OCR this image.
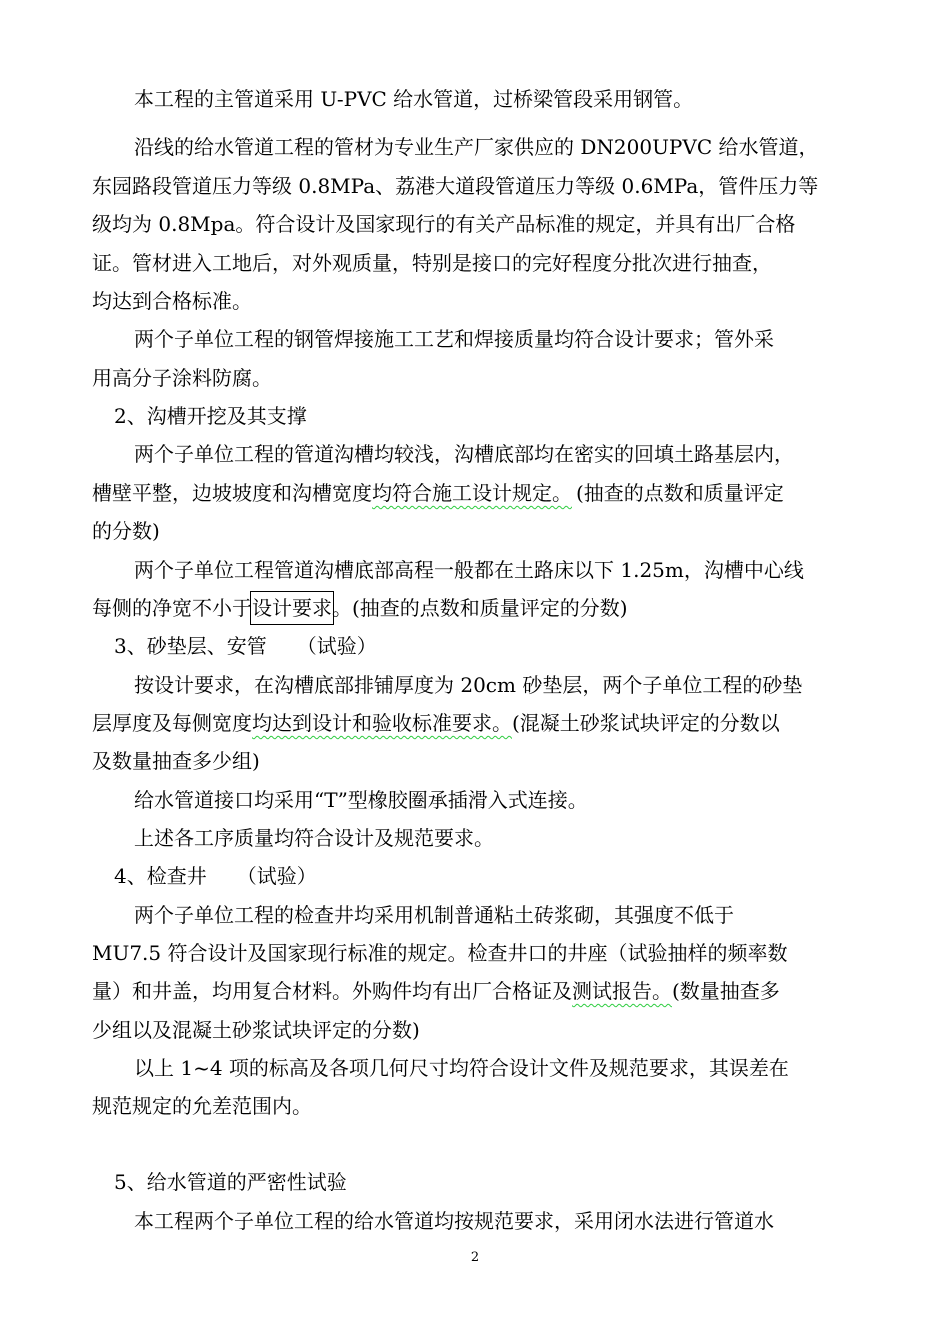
本工程的主管道采用 U-PVC 给水管道，过桥梁管段采用钢管。
沿线的给水管道工程的管材为专业生产厂家供应的 DN200UPVC 给水管道，
东园路段管道压力等级 0.8MPa、荔港大道段管道压力等级 0.6MPa，管件压力等
级均为 0.8Mpa。符合设计及国家现行的有关产品标准的规定，并具有出厂合格
证。管材进入工地后，对外观质量，特别是接口的完好程度分批次进行抽查，
均达到合格标准。
两个子单位工程的钢管焊接施工工艺和焊接质量均符合设计要求；管外采
用高分子涂料防腐。
2、沟槽开挖及其支撑
两个子单位工程的管道沟槽均较浅，沟槽底部均在密实的回填土路基层内，
槽壁平整，边坡坡度和沟槽宽度均符合施工设计规定。 (抽查的点数和质量评定
的分数)
两个子单位工程管道沟槽底部高程一般都在土路床以下 1.25m，沟槽中心线
每侧的净宽不小于设计要求。(抽查的点数和质量评定的分数)
3、砂垫层、安管　　（试验）
按设计要求，在沟槽底部排铺厚度为 20cm 砂垫层，两个子单位工程的砂垫
层厚度及每侧宽度均达到设计和验收标准要求。(混凝土砂浆试块评定的分数以
及数量抽查多少组)
给水管道接口均采用“T”型橡胶圈承插滑入式连接。
上述各工序质量均符合设计及规范要求。
4、检查井　　（试验）
两个子单位工程的检查井均采用机制普通粘土砖浆砌，其强度不低于
MU7.5 符合设计及国家现行标准的规定。检查井口的井座（试验抽样的频率数
量）和井盖，均用复合材料。外购件均有出厂合格证及测试报告。(数量抽查多
少组以及混凝土砂浆试块评定的分数)
以上 1~4 项的标高及各项几何尺寸均符合设计文件及规范要求，其误差在
规范规定的允差范围内。
5、给水管道的严密性试验
本工程两个子单位工程的给水管道均按规范要求，采用闭水法进行管道水
2
